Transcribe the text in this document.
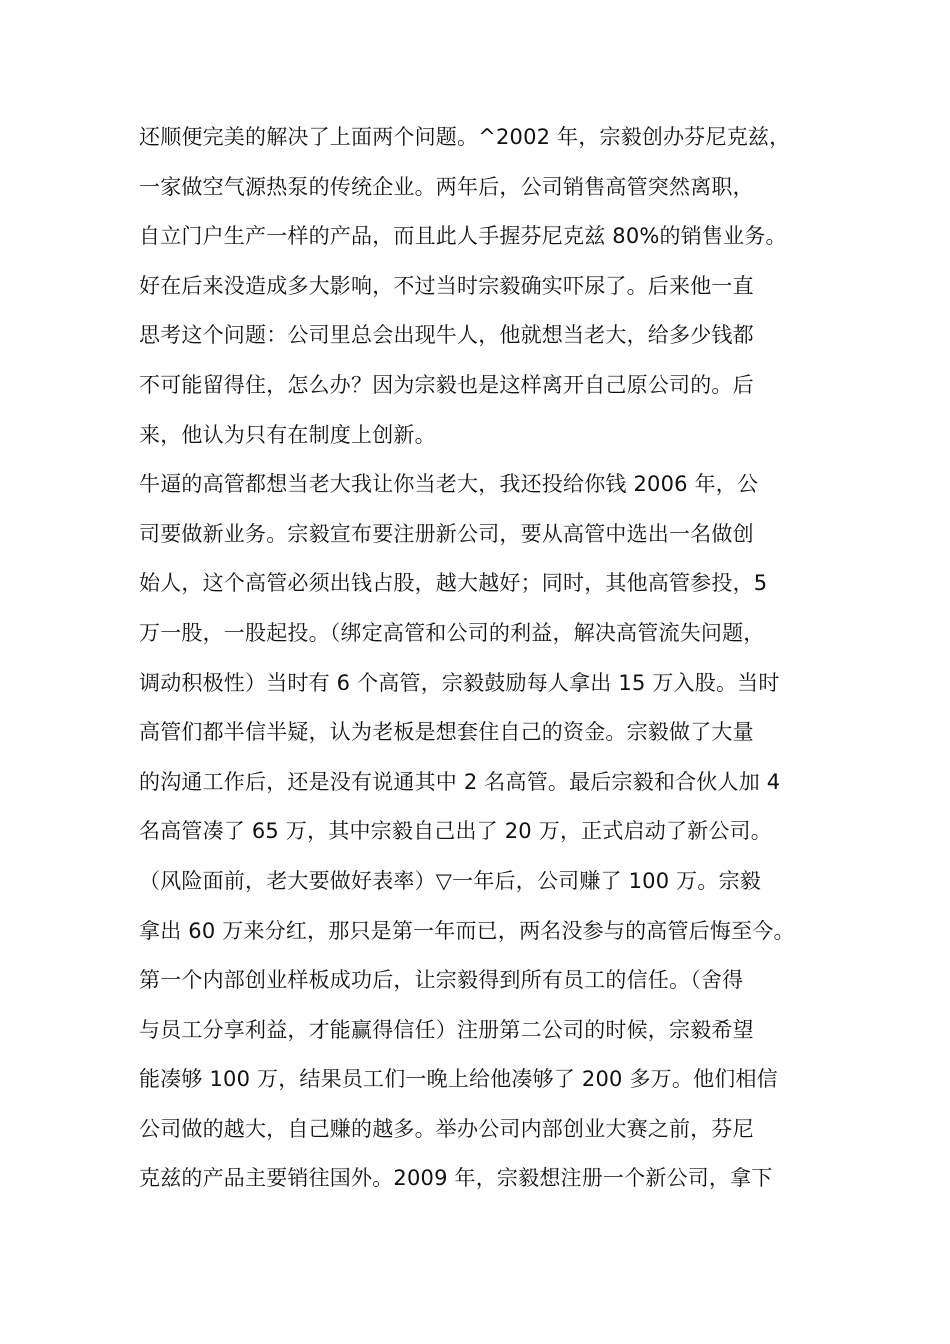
还顺便完美的解决了上面两个问题。^2002 年，宗毅创办芬尼克兹，
一家做空气源热泵的传统企业。两年后，公司销售高管突然离职，
自立门户生产一样的产品，而且此人手握芬尼克兹 80%的销售业务。
好在后来没造成多大影响，不过当时宗毅确实吓尿了。后来他一直
思考这个问题：公司里总会出现牛人，他就想当老大，给多少钱都
不可能留得住，怎么办？因为宗毅也是这样离开自己原公司的。后
来，他认为只有在制度上创新。
牛逼的高管都想当老大我让你当老大，我还投给你钱 2006 年，公
司要做新业务。宗毅宣布要注册新公司，要从高管中选出一名做创
始人，这个高管必须出钱占股，越大越好；同时，其他高管参投，5
万一股，一股起投。（绑定高管和公司的利益，解决高管流失问题，
调动积极性）当时有 6 个高管，宗毅鼓励每人拿出 15 万入股。当时
高管们都半信半疑，认为老板是想套住自己的资金。宗毅做了大量
的沟通工作后，还是没有说通其中 2 名高管。最后宗毅和合伙人加 4
名高管凑了 65 万，其中宗毅自己出了 20 万，正式启动了新公司。
（风险面前，老大要做好表率）▽一年后，公司赚了 100 万。宗毅
拿出 60 万来分红，那只是第一年而已，两名没参与的高管后悔至今。
第一个内部创业样板成功后，让宗毅得到所有员工的信任。（舍得
与员工分享利益，才能赢得信任）注册第二公司的时候，宗毅希望
能凑够 100 万，结果员工们一晚上给他凑够了 200 多万。他们相信
公司做的越大，自己赚的越多。举办公司内部创业大赛之前，芬尼
克兹的产品主要销往国外。2009 年，宗毅想注册一个新公司，拿下
